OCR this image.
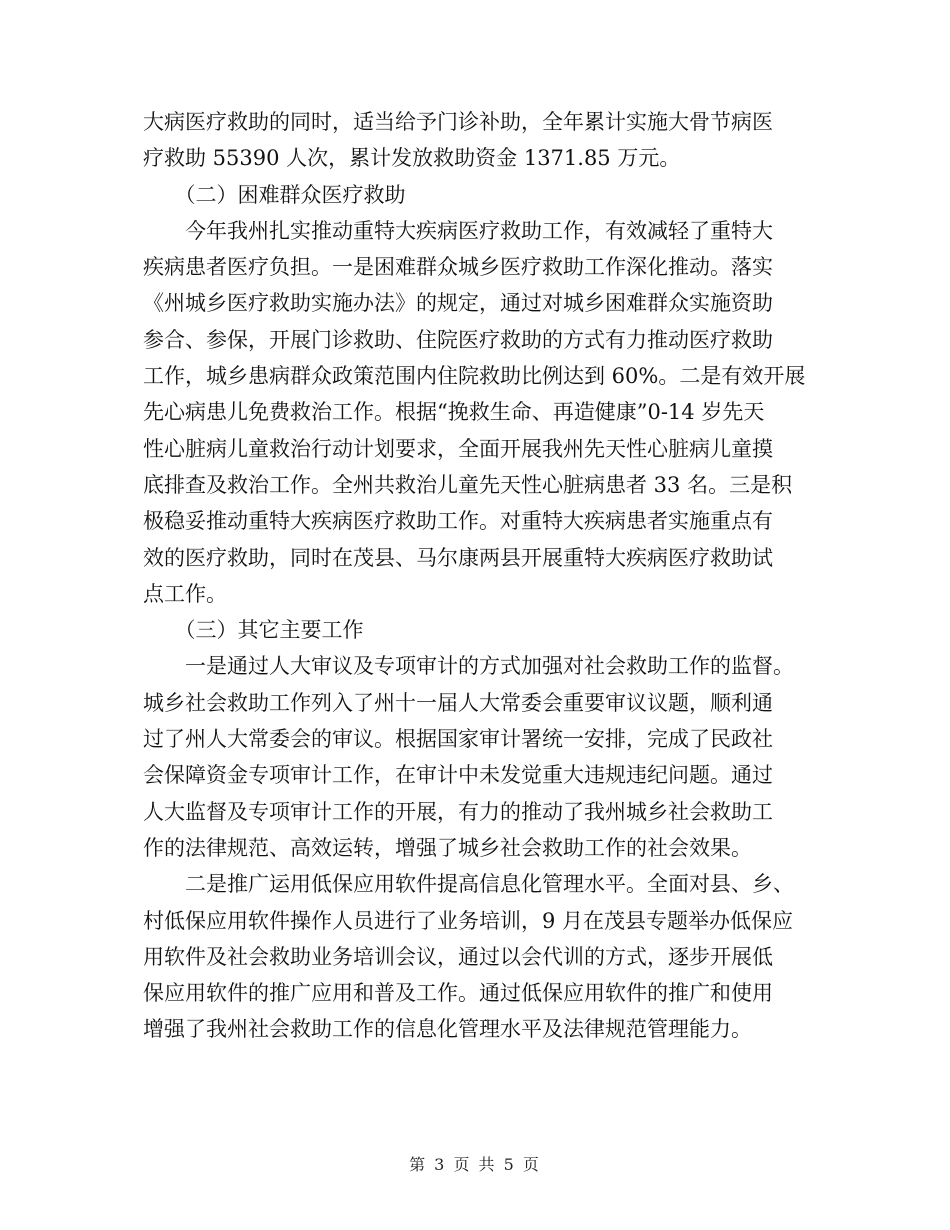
大病医疗救助的同时，适当给予门诊补助，全年累计实施大骨节病医
疗救助 55390 人次，累计发放救助资金 1371.85 万元。
　　（二）困难群众医疗救助
　　今年我州扎实推动重特大疾病医疗救助工作，有效减轻了重特大
疾病患者医疗负担。一是困难群众城乡医疗救助工作深化推动。落实
《州城乡医疗救助实施办法》的规定，通过对城乡困难群众实施资助
参合、参保，开展门诊救助、住院医疗救助的方式有力推动医疗救助
工作，城乡患病群众政策范围内住院救助比例达到 60%。二是有效开展
先心病患儿免费救治工作。根据“挽救生命、再造健康”0-14 岁先天
性心脏病儿童救治行动计划要求，全面开展我州先天性心脏病儿童摸
底排查及救治工作。全州共救治儿童先天性心脏病患者 33 名。三是积
极稳妥推动重特大疾病医疗救助工作。对重特大疾病患者实施重点有
效的医疗救助，同时在茂县、马尔康两县开展重特大疾病医疗救助试
点工作。
　　（三）其它主要工作
　　一是通过人大审议及专项审计的方式加强对社会救助工作的监督。
城乡社会救助工作列入了州十一届人大常委会重要审议议题，顺利通
过了州人大常委会的审议。根据国家审计署统一安排，完成了民政社
会保障资金专项审计工作，在审计中未发觉重大违规违纪问题。通过
人大监督及专项审计工作的开展，有力的推动了我州城乡社会救助工
作的法律规范、高效运转，增强了城乡社会救助工作的社会效果。
　　二是推广运用低保应用软件提高信息化管理水平。全面对县、乡、
村低保应用软件操作人员进行了业务培训，9 月在茂县专题举办低保应
用软件及社会救助业务培训会议，通过以会代训的方式，逐步开展低
保应用软件的推广应用和普及工作。通过低保应用软件的推广和使用
增强了我州社会救助工作的信息化管理水平及法律规范管理能力。
第 3 页 共 5 页
